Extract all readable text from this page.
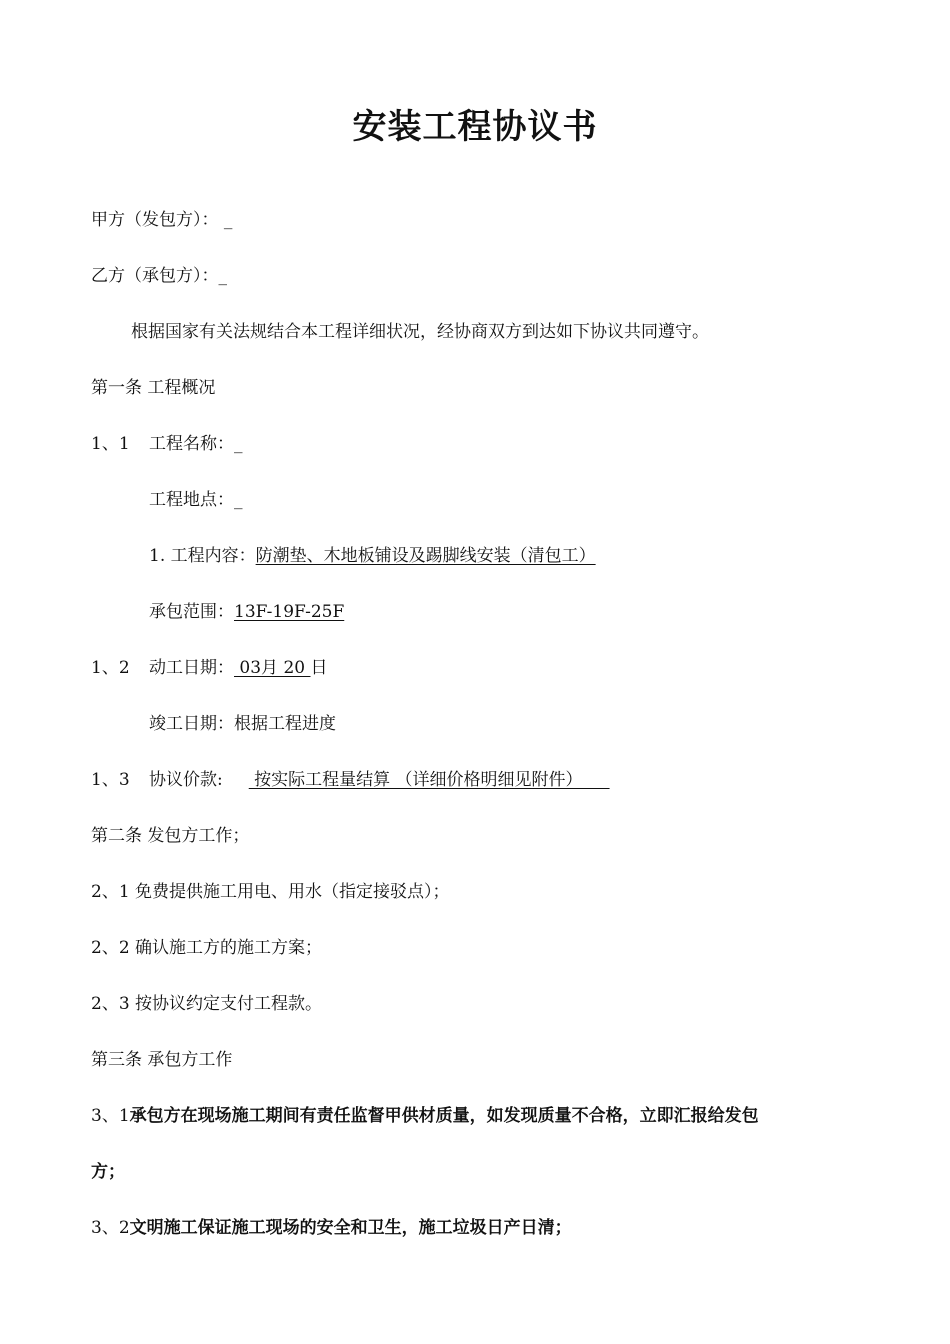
安装工程协议书
甲方（发包方）： _
乙方（承包方）：_
根据国家有关法规结合本工程详细状况，经协商双方到达如下协议共同遵守。
第一条 工程概况
1、1 工程名称：_
工程地点：_
1. 工程内容：防潮垫、木地板铺设及踢脚线安装（清包工）
承包范围：13F-19F-25F
1、2 动工日期： 03月 20 日
竣工日期：根据工程进度
1、3 协议价款: 按实际工程量结算 （详细价格明细见附件）
第二条 发包方工作；
2、1 免费提供施工用电、用水（指定接驳点）；
2、2 确认施工方的施工方案；
2、3 按协议约定支付工程款。
第三条 承包方工作
3、1承包方在现场施工期间有责任监督甲供材质量，如发现质量不合格，立即汇报给发包
方；
3、2文明施工保证施工现场的安全和卫生，施工垃圾日产日清；
